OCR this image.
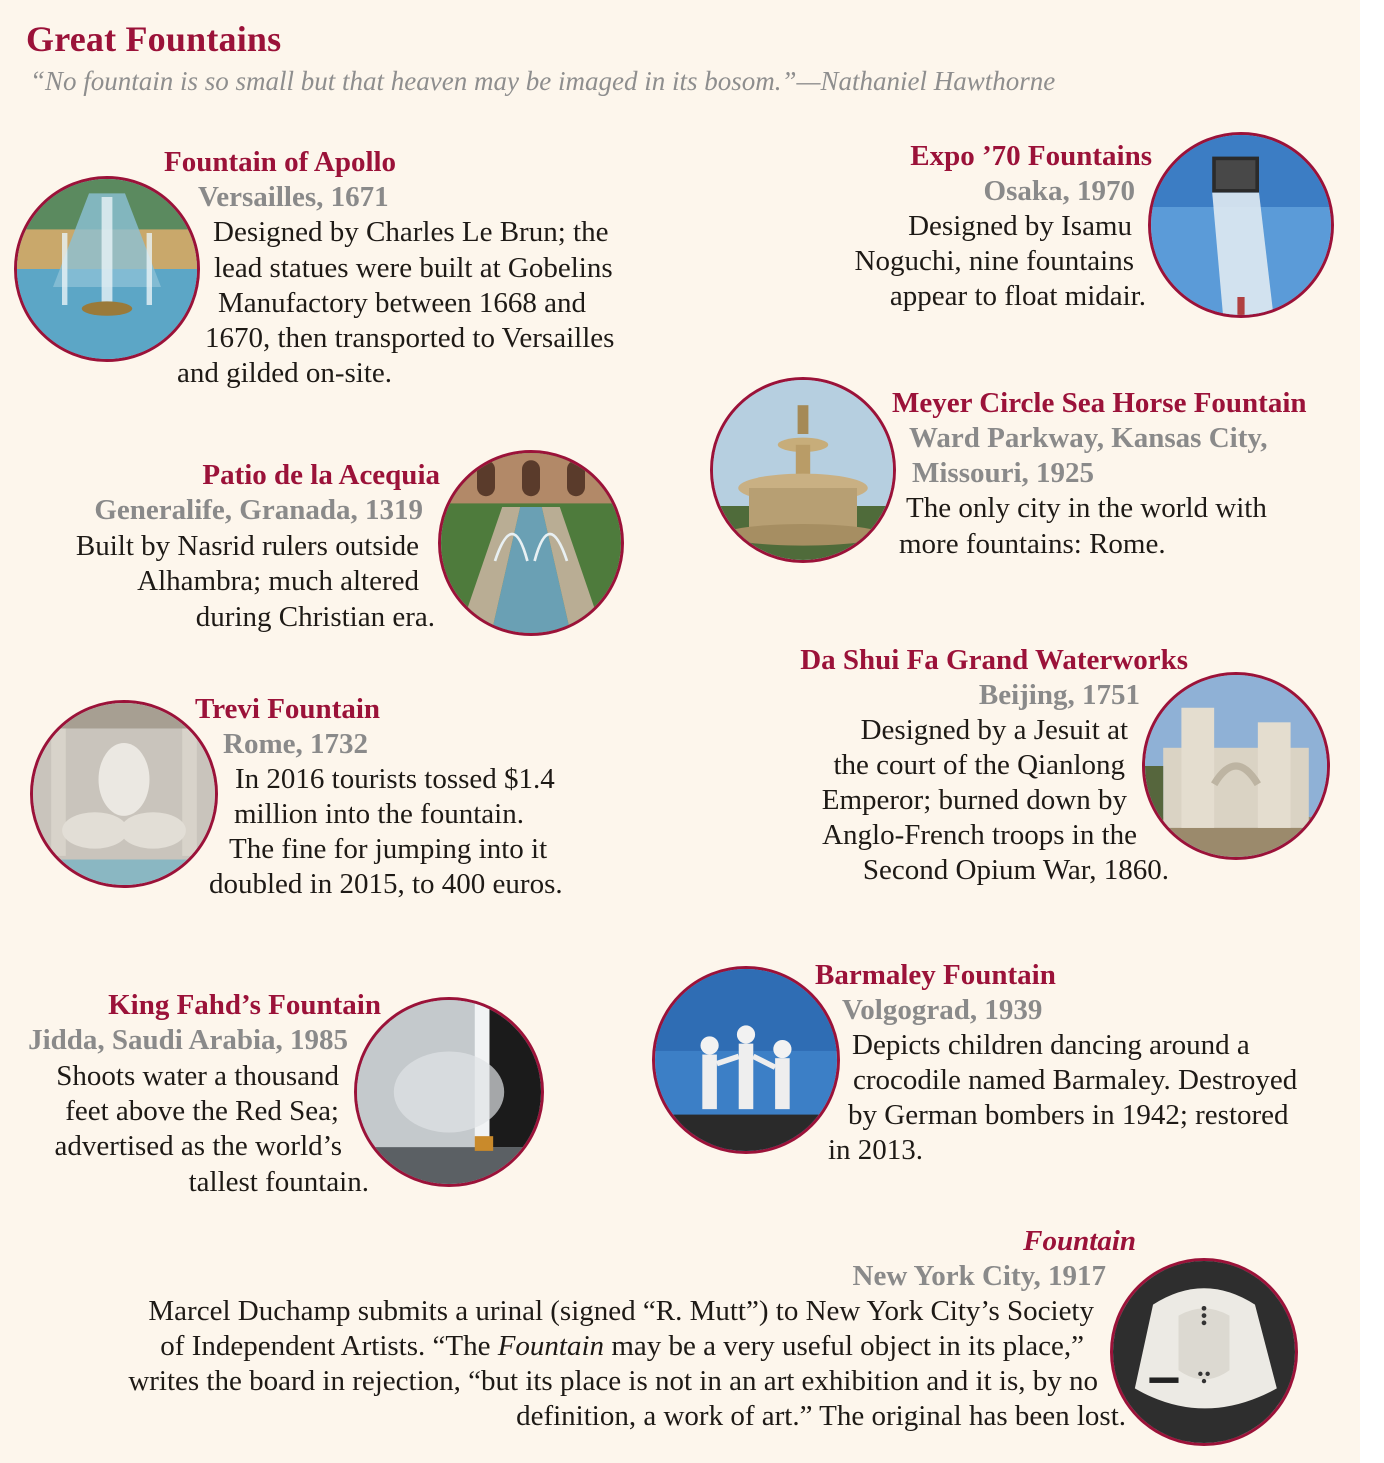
Great Fountains

“No fountain is so small but that heaven may be imaged in its bosom.”—Nathaniel Hawthorne

Fountain of Apollo

Versailles, 1671

Designed by Charles Le Brun; the

lead statues were built at Gobelins

Manufactory between 1668 and

1670, then transported to Versailles

and gilded on-site.

Expo ’70 Fountains

Osaka, 1970

Designed by Isamu

Noguchi, nine fountains

appear to float midair.

Meyer Circle Sea Horse Fountain

Ward Parkway, Kansas City,

Missouri, 1925

The only city in the world with

more fountains: Rome.

Patio de la Acequia

Generalife, Granada, 1319

Built by Nasrid rulers outside

Alhambra; much altered

during Christian era.

Da Shui Fa Grand Waterworks

Beijing, 1751

Designed by a Jesuit at

the court of the Qianlong

Emperor; burned down by

Anglo-French troops in the

Second Opium War, 1860.

Trevi Fountain

Rome, 1732

In 2016 tourists tossed $1.4

million into the fountain.

The fine for jumping into it

doubled in 2015, to 400 euros.

Barmaley Fountain

Volgograd, 1939

Depicts children dancing around a

crocodile named Barmaley. Destroyed

by German bombers in 1942; restored

in 2013.

King Fahd’s Fountain

Jidda, Saudi Arabia, 1985

Shoots water a thousand

feet above the Red Sea;

advertised as the world’s

tallest fountain.

Fountain

New York City, 1917

Marcel Duchamp submits a urinal (signed “R. Mutt”) to New York City’s Society

of Independent Artists. “The Fountain may be a very useful object in its place,”

writes the board in rejection, “but its place is not in an art exhibition and it is, by no

definition, a work of art.” The original has been lost.
